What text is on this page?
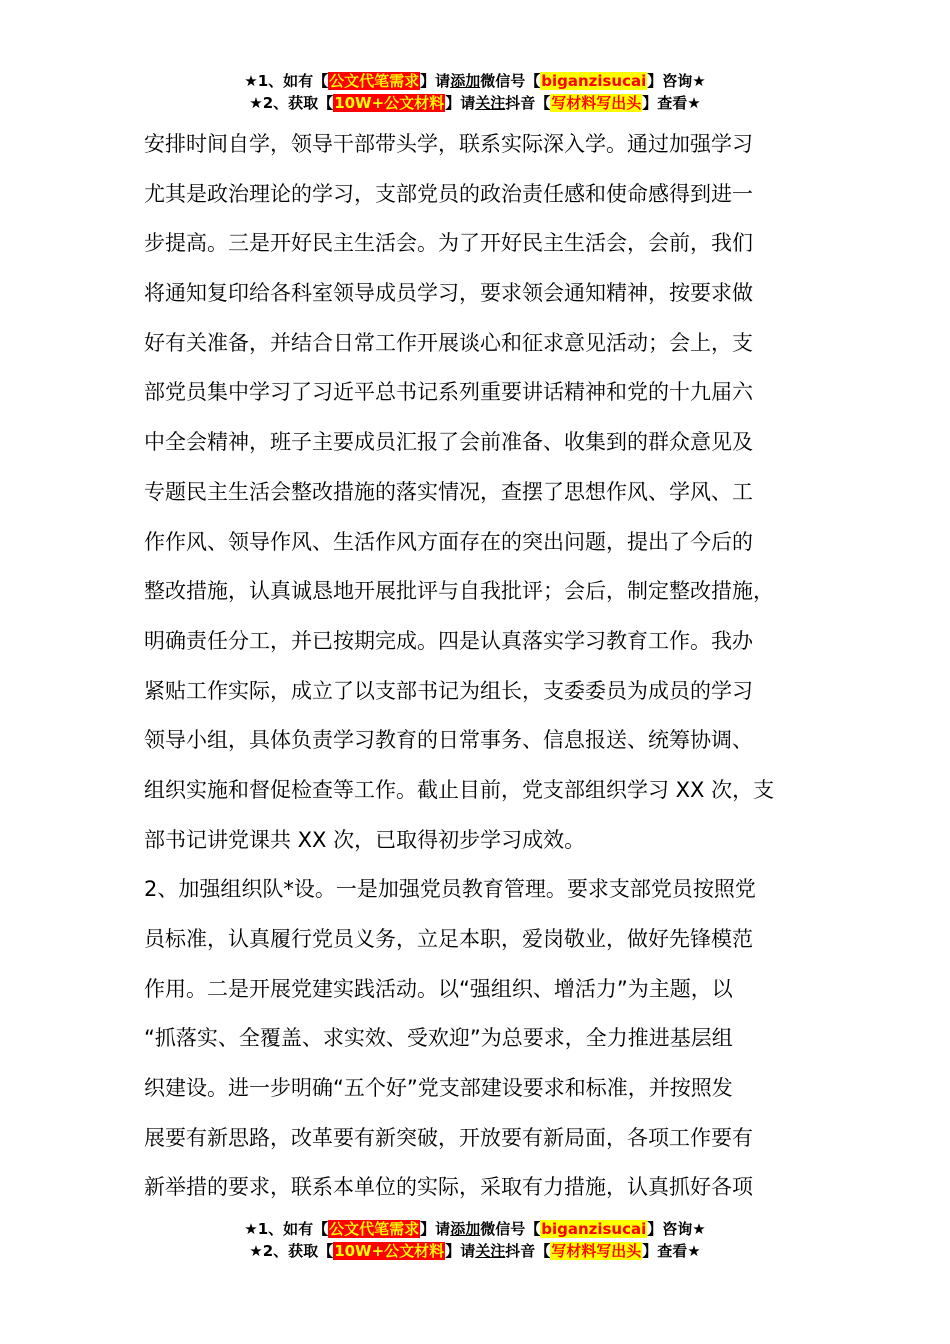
★1、如有【公文代笔需求】请添加微信号【biganzisucai】咨询★
★2、获取【10W+公文材料】请关注抖音【写材料写出头】查看★
安排时间自学，领导干部带头学，联系实际深入学。通过加强学习
尤其是政治理论的学习，支部党员的政治责任感和使命感得到进一
步提高。三是开好民主生活会。为了开好民主生活会，会前，我们
将通知复印给各科室领导成员学习，要求领会通知精神，按要求做
好有关准备，并结合日常工作开展谈心和征求意见活动；会上，支
部党员集中学习了习近平总书记系列重要讲话精神和党的十九届六
中全会精神，班子主要成员汇报了会前准备、收集到的群众意见及
专题民主生活会整改措施的落实情况，查摆了思想作风、学风、工
作作风、领导作风、生活作风方面存在的突出问题，提出了今后的
整改措施，认真诚恳地开展批评与自我批评；会后，制定整改措施，
明确责任分工，并已按期完成。四是认真落实学习教育工作。我办
紧贴工作实际，成立了以支部书记为组长，支委委员为成员的学习
领导小组，具体负责学习教育的日常事务、信息报送、统筹协调、
组织实施和督促检查等工作。截止目前，党支部组织学习 XX 次，支
部书记讲党课共 XX 次，已取得初步学习成效。
2、加强组织队*设。一是加强党员教育管理。要求支部党员按照党
员标准，认真履行党员义务，立足本职，爱岗敬业，做好先锋模范
作用。二是开展党建实践活动。以“强组织、增活力”为主题，以
“抓落实、全覆盖、求实效、受欢迎”为总要求，全力推进基层组
织建设。进一步明确“五个好”党支部建设要求和标准，并按照发
展要有新思路，改革要有新突破，开放要有新局面，各项工作要有
新举措的要求，联系本单位的实际，采取有力措施，认真抓好各项
★1、如有【公文代笔需求】请添加微信号【biganzisucai】咨询★
★2、获取【10W+公文材料】请关注抖音【写材料写出头】查看★
